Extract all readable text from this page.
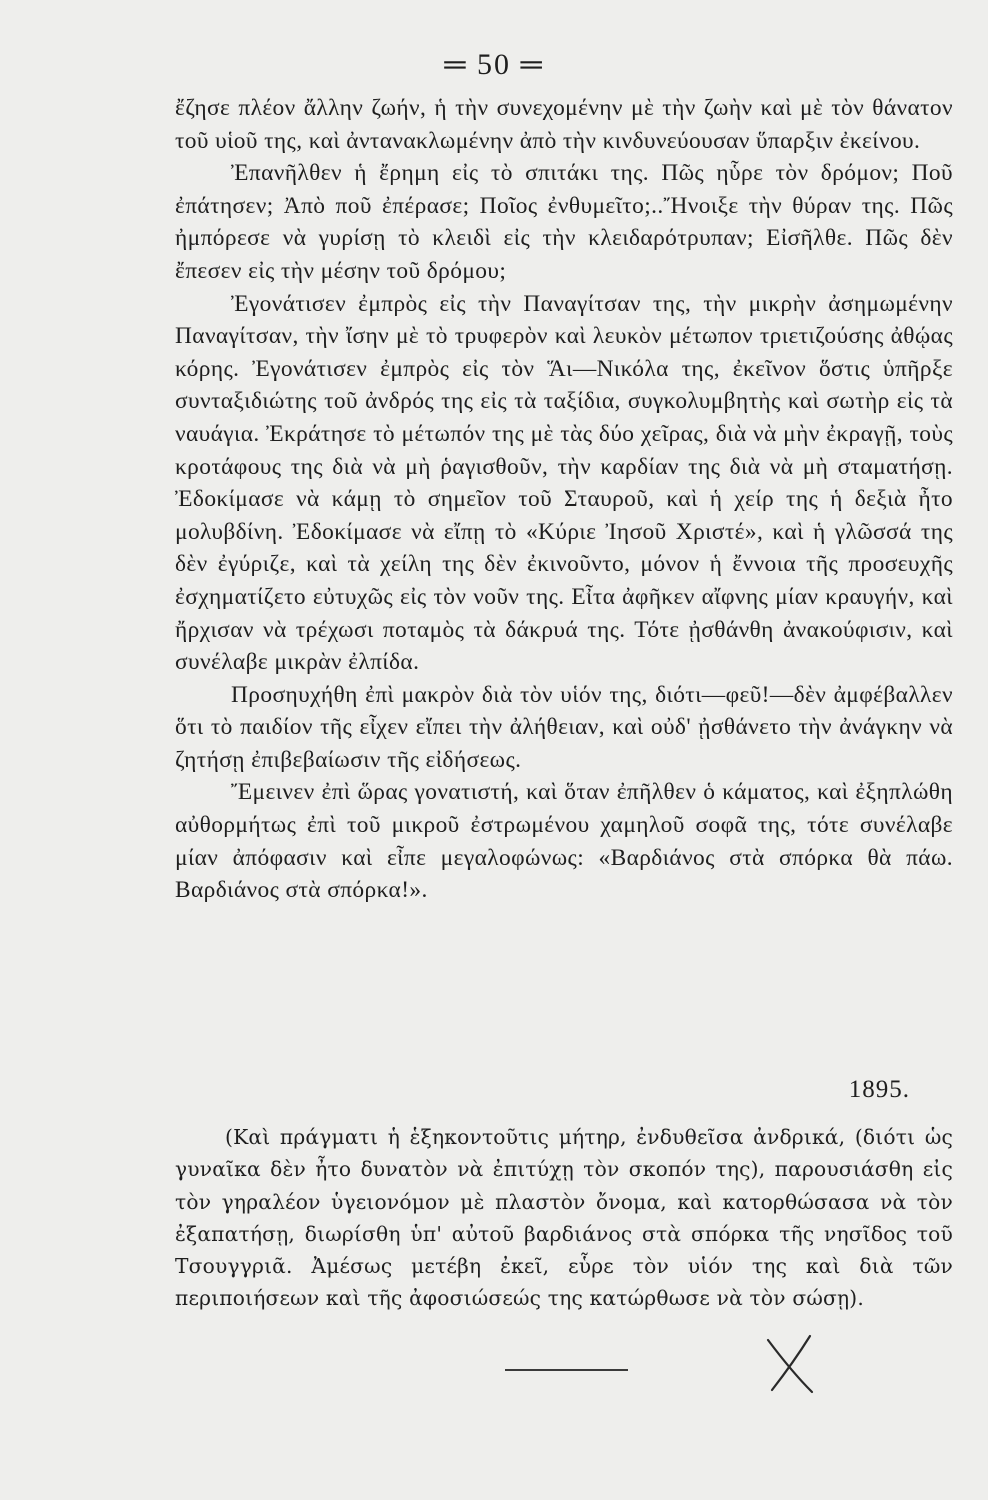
═ 50 ═

ἔζησε πλέον ἄλλην ζωήν, ἡ τὴν συνεχομένην μὲ τὴν ζωὴν καὶ μὲ τὸν θάνατον τοῦ υἱοῦ της, καὶ ἀντανακλωμένην ἀπὸ τὴν κινδυνεύουσαν ὕπαρξιν ἐκείνου.

Ἐπανῆλθεν ἡ ἔρημη εἰς τὸ σπιτάκι της. Πῶς ηὗρε τὸν δρόμον; Ποῦ ἐπάτησεν; Ἀπὸ ποῦ ἐπέρασε; Ποῖος ἐνθυμεῖτο;..Ἤνοιξε τὴν θύραν της. Πῶς ἠμπόρεσε νὰ γυρίσῃ τὸ κλειδὶ εἰς τὴν κλειδαρότρυπαν; Εἰσῆλθε. Πῶς δὲν ἔπεσεν εἰς τὴν μέσην τοῦ δρόμου;

Ἐγονάτισεν ἐμπρὸς εἰς τὴν Παναγίτσαν της, τὴν μικρὴν ἀσημωμένην Παναγίτσαν, τὴν ἴσην μὲ τὸ τρυφερὸν καὶ λευκὸν μέτωπον τριετιζούσης ἀθῴας κόρης. Ἐγονάτισεν ἐμπρὸς εἰς τὸν Ἅι—Νικόλα της, ἐκεῖνον ὅστις ὑπῆρξε συνταξιδιώτης τοῦ ἀνδρός της εἰς τὰ ταξίδια, συγκολυμβητὴς καὶ σωτὴρ εἰς τὰ ναυάγια. Ἐκράτησε τὸ μέτωπόν της μὲ τὰς δύο χεῖρας, διὰ νὰ μὴν ἐκραγῇ, τοὺς κροτάφους της διὰ νὰ μὴ ῥαγισθοῦν, τὴν καρδίαν της διὰ νὰ μὴ σταματήσῃ. Ἐδοκίμασε νὰ κάμῃ τὸ σημεῖον τοῦ Σταυροῦ, καὶ ἡ χείρ της ἡ δεξιὰ ἦτο μολυβδίνη. Ἐδοκίμασε νὰ εἴπῃ τὸ «Κύριε Ἰησοῦ Χριστέ», καὶ ἡ γλῶσσά της δὲν ἐγύριζε, καὶ τὰ χείλη της δὲν ἐκινοῦντο, μόνον ἡ ἔννοια τῆς προσευχῆς ἐσχηματίζετο εὐτυχῶς εἰς τὸν νοῦν της. Εἶτα ἀφῆκεν αἴφνης μίαν κραυγήν, καὶ ἤρχισαν νὰ τρέχωσι ποταμὸς τὰ δάκρυά της. Τότε ᾐσθάνθη ἀνακούφισιν, καὶ συνέλαβε μικρὰν ἐλπίδα.

Προσηυχήθη ἐπὶ μακρὸν διὰ τὸν υἱόν της, διότι—φεῦ!—δὲν ἀμφέβαλλεν ὅτι τὸ παιδίον τῆς εἶχεν εἴπει τὴν ἀλήθειαν, καὶ οὐδ' ᾐσθάνετο τὴν ἀνάγκην νὰ ζητήσῃ ἐπιβεβαίωσιν τῆς εἰδήσεως.

Ἔμεινεν ἐπὶ ὥρας γονατιστή, καὶ ὅταν ἐπῆλθεν ὁ κάματος, καὶ ἐξηπλώθη αὐθορμήτως ἐπὶ τοῦ μικροῦ ἐστρωμένου χαμηλοῦ σοφᾶ της, τότε συνέλαβε μίαν ἀπόφασιν καὶ εἶπε μεγαλοφώνως: «Βαρδιάνος στὰ σπόρκα θὰ πάω. Βαρδιάνος στὰ σπόρκα!».

1895.

(Καὶ πράγματι ἡ ἑξηκοντοῦτις μήτηρ, ἐνδυθεῖσα ἀνδρικά, (διότι ὡς γυναῖκα δὲν ἦτο δυνατὸν νὰ ἐπιτύχῃ τὸν σκοπόν της), παρουσιάσθη εἰς τὸν γηραλέον ὑγειονόμον μὲ πλαστὸν ὄνομα, καὶ κατορθώσασα νὰ τὸν ἐξαπατήσῃ, διωρίσθη ὑπ' αὐτοῦ βαρδιάνος στὰ σπόρκα τῆς νησῖδος τοῦ Τσουγγριᾶ. Ἀμέσως μετέβη ἐκεῖ, εὗρε τὸν υἱόν της καὶ διὰ τῶν περιποιήσεων καὶ τῆς ἀφοσιώσεώς της κατώρθωσε νὰ τὸν σώσῃ).
